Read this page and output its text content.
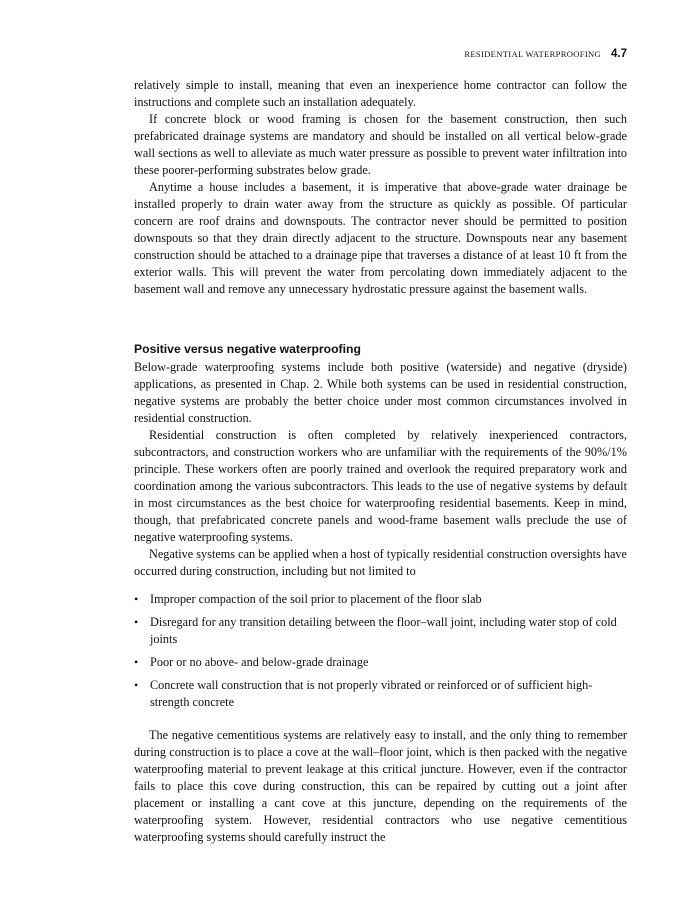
RESIDENTIAL WATERPROOFING 4.7

relatively simple to install, meaning that even an inexperience home contractor can follow the instructions and complete such an installation adequately.

If concrete block or wood framing is chosen for the basement construction, then such prefabricated drainage systems are mandatory and should be installed on all vertical below-grade wall sections as well to alleviate as much water pressure as possible to prevent water infiltration into these poorer-performing substrates below grade.

Anytime a house includes a basement, it is imperative that above-grade water drainage be installed properly to drain water away from the structure as quickly as possible. Of particular concern are roof drains and downspouts. The contractor never should be permitted to position downspouts so that they drain directly adjacent to the structure. Downspouts near any basement construction should be attached to a drainage pipe that traverses a distance of at least 10 ft from the exterior walls. This will prevent the water from percolating down immediately adjacent to the basement wall and remove any unnecessary hydrostatic pressure against the basement walls.

Positive versus negative waterproofing

Below-grade waterproofing systems include both positive (waterside) and negative (dryside) applications, as presented in Chap. 2. While both systems can be used in residential construction, negative systems are probably the better choice under most common circumstances involved in residential construction.

Residential construction is often completed by relatively inexperienced contractors, subcontractors, and construction workers who are unfamiliar with the requirements of the 90%/1% principle. These workers often are poorly trained and overlook the required preparatory work and coordination among the various subcontractors. This leads to the use of negative systems by default in most circumstances as the best choice for waterproofing residential basements. Keep in mind, though, that prefabricated concrete panels and wood-frame basement walls preclude the use of negative waterproofing systems.

Negative systems can be applied when a host of typically residential construction oversights have occurred during construction, including but not limited to

• Improper compaction of the soil prior to placement of the floor slab
• Disregard for any transition detailing between the floor–wall joint, including water stop of cold joints
• Poor or no above- and below-grade drainage
• Concrete wall construction that is not properly vibrated or reinforced or of sufficient high-strength concrete

The negative cementitious systems are relatively easy to install, and the only thing to remember during construction is to place a cove at the wall–floor joint, which is then packed with the negative waterproofing material to prevent leakage at this critical juncture. However, even if the contractor fails to place this cove during construction, this can be repaired by cutting out a joint after placement or installing a cant cove at this juncture, depending on the requirements of the waterproofing system. However, residential contractors who use negative cementitious waterproofing systems should carefully instruct the
